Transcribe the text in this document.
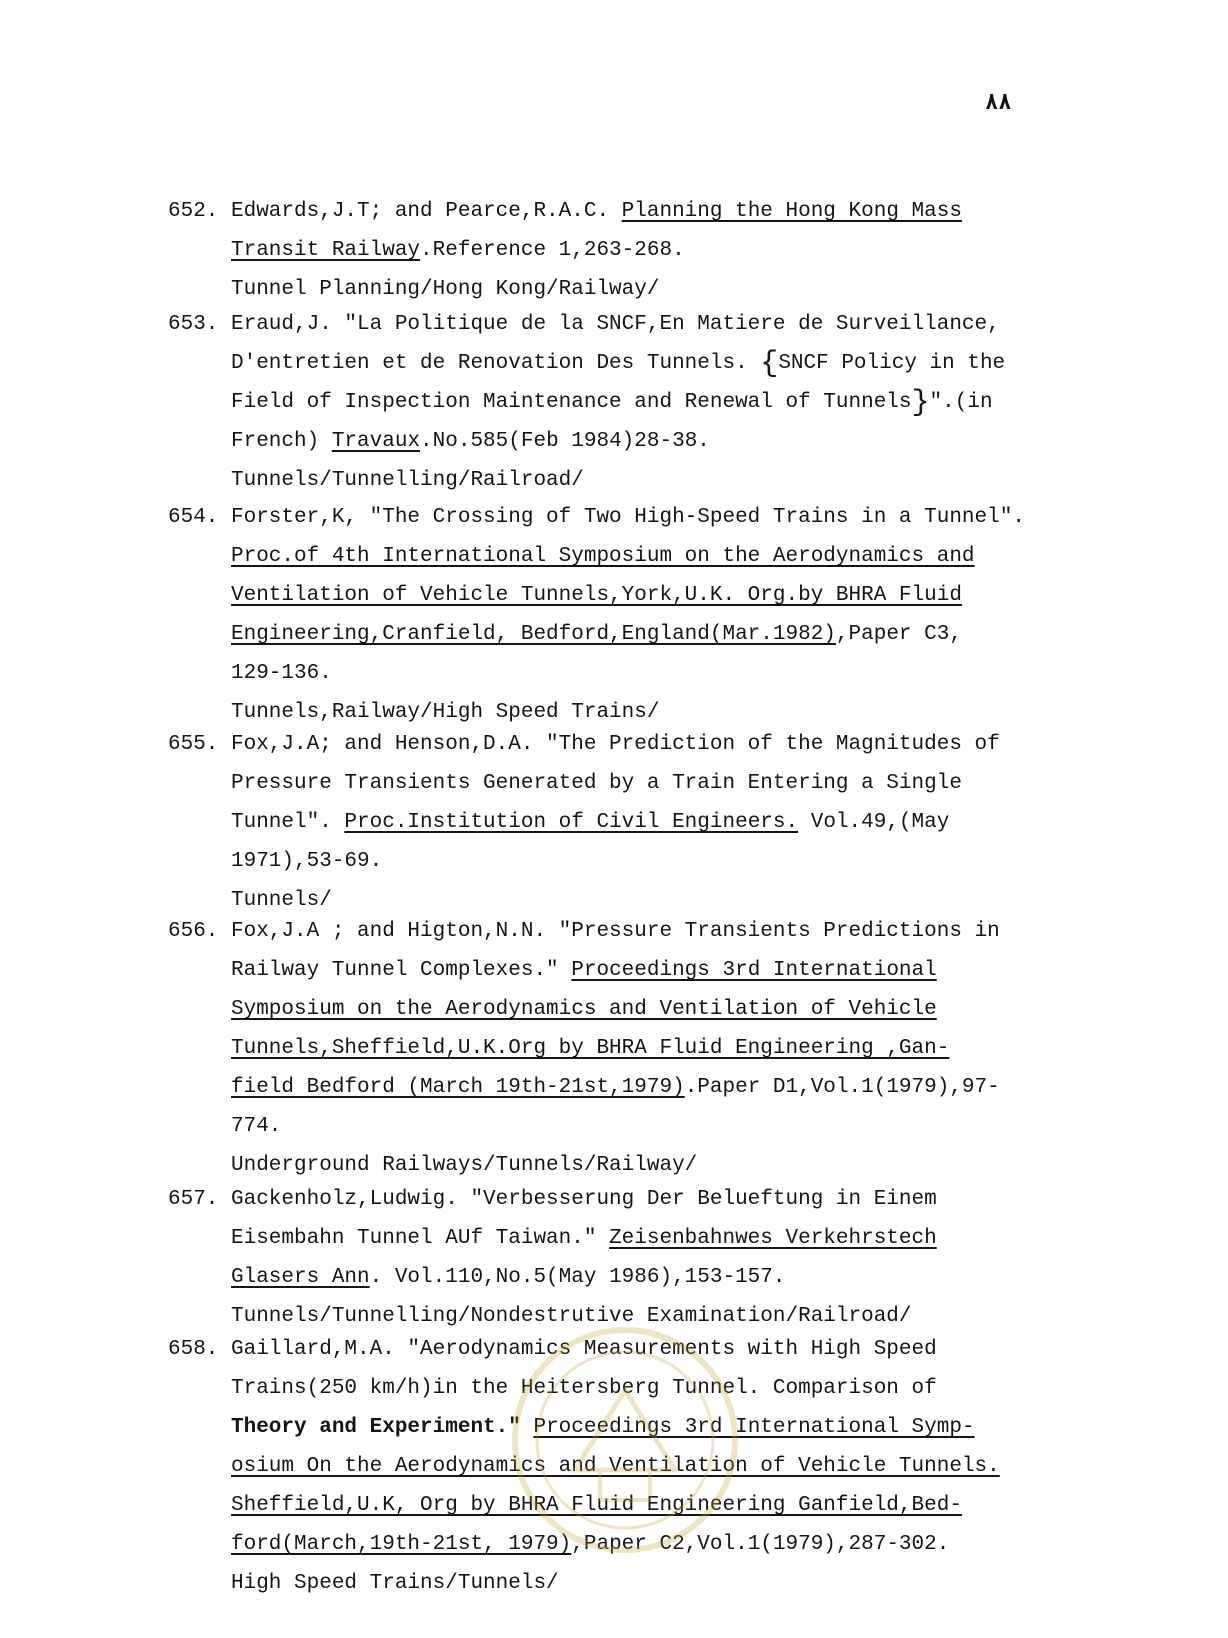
٨٨
652. Edwards,J.T; and Pearce,R.A.C. Planning the Hong Kong Mass
Transit Railway.Reference 1,263-268.
Tunnel Planning/Hong Kong/Railway/
653. Eraud,J. "La Politique de la SNCF,En Matiere de Surveillance,
D'entretien et de Renovation Des Tunnels. {SNCF Policy in the
Field of Inspection Maintenance and Renewal of Tunnels}".(in
French) Travaux.No.585(Feb 1984)28-38.
Tunnels/Tunnelling/Railroad/
654. Forster,K, "The Crossing of Two High-Speed Trains in a Tunnel".
Proc.of 4th International Symposium on the Aerodynamics and
Ventilation of Vehicle Tunnels,York,U.K. Org.by BHRA Fluid
Engineering,Cranfield, Bedford,England(Mar.1982),Paper C3,
129-136.
Tunnels,Railway/High Speed Trains/
655. Fox,J.A; and Henson,D.A. "The Prediction of the Magnitudes of
Pressure Transients Generated by a Train Entering a Single
Tunnel". Proc.Institution of Civil Engineers. Vol.49,(May
1971),53-69.
Tunnels/
656. Fox,J.A ; and Higton,N.N. "Pressure Transients Predictions in
Railway Tunnel Complexes." Proceedings 3rd International
Symposium on the Aerodynamics and Ventilation of Vehicle
Tunnels,Sheffield,U.K.Org by BHRA Fluid Engineering ,Gan-
field Bedford (March 19th-21st,1979).Paper D1,Vol.1(1979),97-
774.
Underground Railways/Tunnels/Railway/
657. Gackenholz,Ludwig. "Verbesserung Der Belueftung in Einem
Eisembahn Tunnel AUf Taiwan." Zeisenbahnwes Verkehrstech
Glasers Ann. Vol.110,No.5(May 1986),153-157.
Tunnels/Tunnelling/Nondestrutive Examination/Railroad/
658. Gaillard,M.A. "Aerodynamics Measurements with High Speed
Trains(250 km/h)in the Heitersberg Tunnel. Comparison of
Theory and Experiment." Proceedings 3rd International Symp-
osium On the Aerodynamics and Ventilation of Vehicle Tunnels.
Sheffield,U.K, Org by BHRA Fluid Engineering Ganfield,Bed-
ford(March,19th-21st, 1979),Paper C2,Vol.1(1979),287-302.
High Speed Trains/Tunnels/
